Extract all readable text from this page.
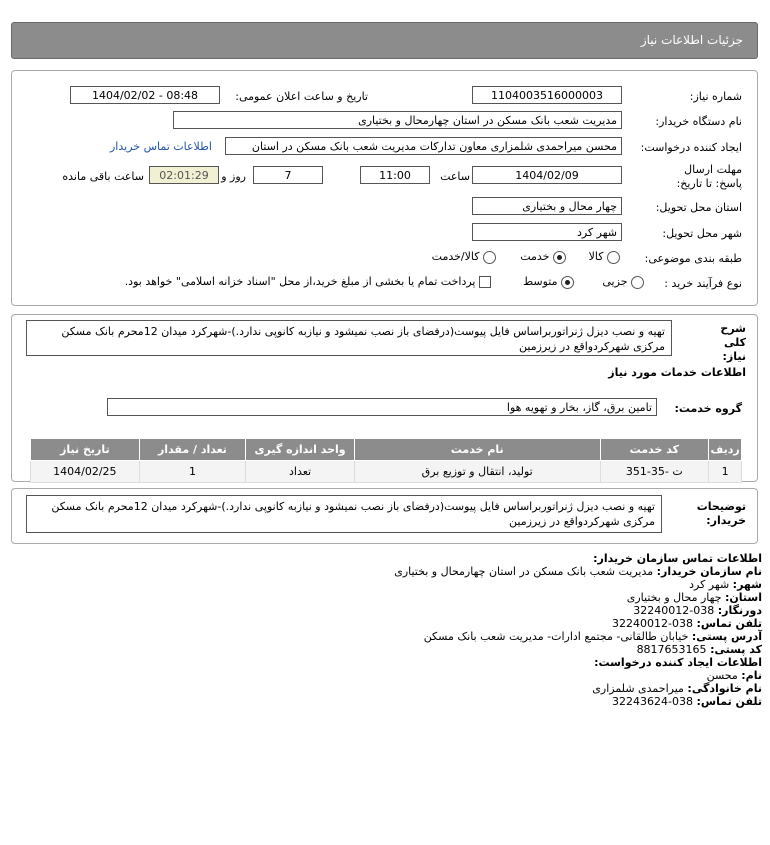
جزئیات اطلاعات نیاز
شماره نیاز:
1104003516000003
تاریخ و ساعت اعلان عمومی:
1404/02/02 - 08:48
نام دستگاه خریدار:
مدیریت شعب بانک مسکن در استان چهارمحال و بختیاری
ایجاد کننده درخواست:
محسن میراحمدی شلمزاری معاون تدارکات مدیریت شعب بانک مسکن در استان
اطلاعات تماس خریدار
مهلت ارسال پاسخ: تا تاریخ:
1404/02/09
ساعت
11:00
7
روز و
02:01:29
ساعت باقی مانده
استان محل تحویل:
چهار محال و بختیاری
شهر محل تحویل:
شهر کرد
طبقه بندی موضوعی:
کالا
خدمت
کالا/خدمت
نوع فرآیند خرید :
جزیی
متوسط
پرداخت تمام یا بخشی از مبلغ خرید،از محل "اسناد خزانه اسلامی" خواهد بود.
شرح کلی نیاز:
تهیه و نصب دیزل ژنراتوربراساس فایل پیوست(درفضای باز نصب نمیشود و نیازبه کانوپی ندارد.)-شهرکرد میدان 12محرم بانک مسکن مرکزی شهرکردواقع در زیرزمین
اطلاعات خدمات مورد نیاز
گروه خدمت:
تامین برق، گاز، بخار و تهویه هوا
ردیف	کد خدمت	نام خدمت	واحد اندازه گیری	تعداد / مقدار	تاریخ نیاز
1	ت -35-351	تولید، انتقال و توزیع برق	تعداد	1	1404/02/25
توضیحات خریدار:
تهیه و نصب دیزل ژنراتوربراساس فایل پیوست(درفضای باز نصب نمیشود و نیازبه کانوپی ندارد.)-شهرکرد میدان 12محرم بانک مسکن مرکزی شهرکردواقع در زیرزمین
اطلاعات تماس سازمان خریدار:
نام سازمان خریدار: مدیریت شعب بانک مسکن در استان چهارمحال و بختیاری
شهر: شهر کرد
استان: چهار محال و بختیاری
دورنگار: 038-32240012
تلفن تماس: 038-32240012
آدرس پستی: خیابان طالقانی- مجتمع ادارات- مدیریت شعب بانک مسکن
کد پستی: 8817653165
اطلاعات ایجاد کننده درخواست:
نام: محسن
نام خانوادگی: میراحمدی شلمزاری
تلفن تماس: 038-32243624
